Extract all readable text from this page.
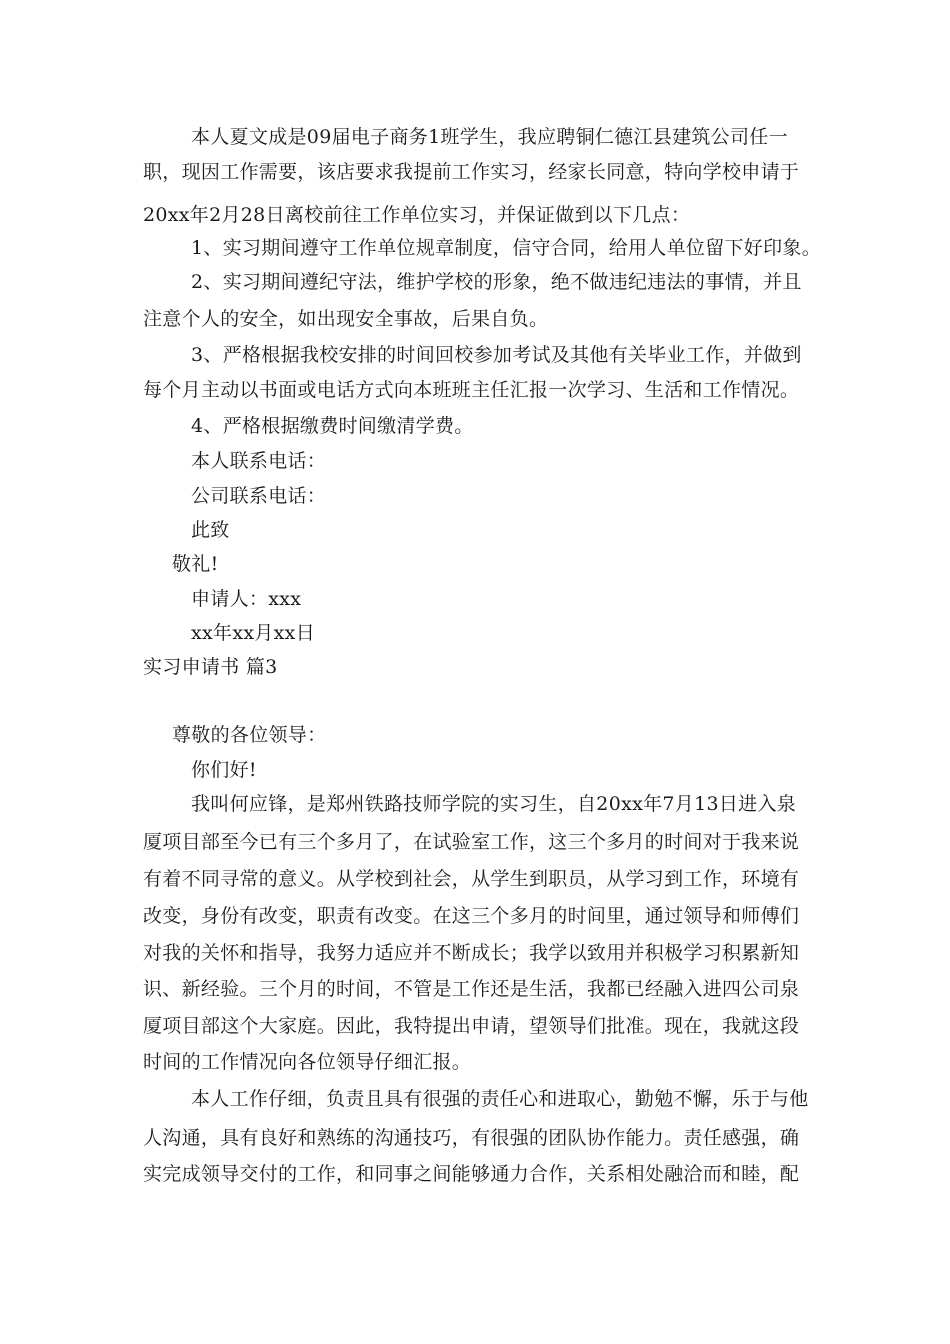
本人夏文成是09届电子商务1班学生，我应聘铜仁德江县建筑公司任一
职，现因工作需要，该店要求我提前工作实习，经家长同意，特向学校申请于
20xx年2月28日离校前往工作单位实习，并保证做到以下几点：
1、实习期间遵守工作单位规章制度，信守合同，给用人单位留下好印象。
2、实习期间遵纪守法，维护学校的形象，绝不做违纪违法的事情，并且
注意个人的安全，如出现安全事故，后果自负。
3、严格根据我校安排的时间回校参加考试及其他有关毕业工作，并做到
每个月主动以书面或电话方式向本班班主任汇报一次学习、生活和工作情况。
4、严格根据缴费时间缴清学费。
本人联系电话：
公司联系电话：
此致
敬礼!
申请人：xxx
xx年xx月xx日
实习申请书 篇3
尊敬的各位领导：
你们好!
我叫何应锋，是郑州铁路技师学院的实习生，自20xx年7月13日进入泉
厦项目部至今已有三个多月了，在试验室工作，这三个多月的时间对于我来说
有着不同寻常的意义。从学校到社会，从学生到职员，从学习到工作，环境有
改变，身份有改变，职责有改变。在这三个多月的时间里，通过领导和师傅们
对我的关怀和指导，我努力适应并不断成长；我学以致用并积极学习积累新知
识、新经验。三个月的时间，不管是工作还是生活，我都已经融入进四公司泉
厦项目部这个大家庭。因此，我特提出申请，望领导们批准。现在，我就这段
时间的工作情况向各位领导仔细汇报。
本人工作仔细，负责且具有很强的责任心和进取心，勤勉不懈，乐于与他
人沟通，具有良好和熟练的沟通技巧，有很强的团队协作能力。责任感强，确
实完成领导交付的工作，和同事之间能够通力合作，关系相处融洽而和睦，配
